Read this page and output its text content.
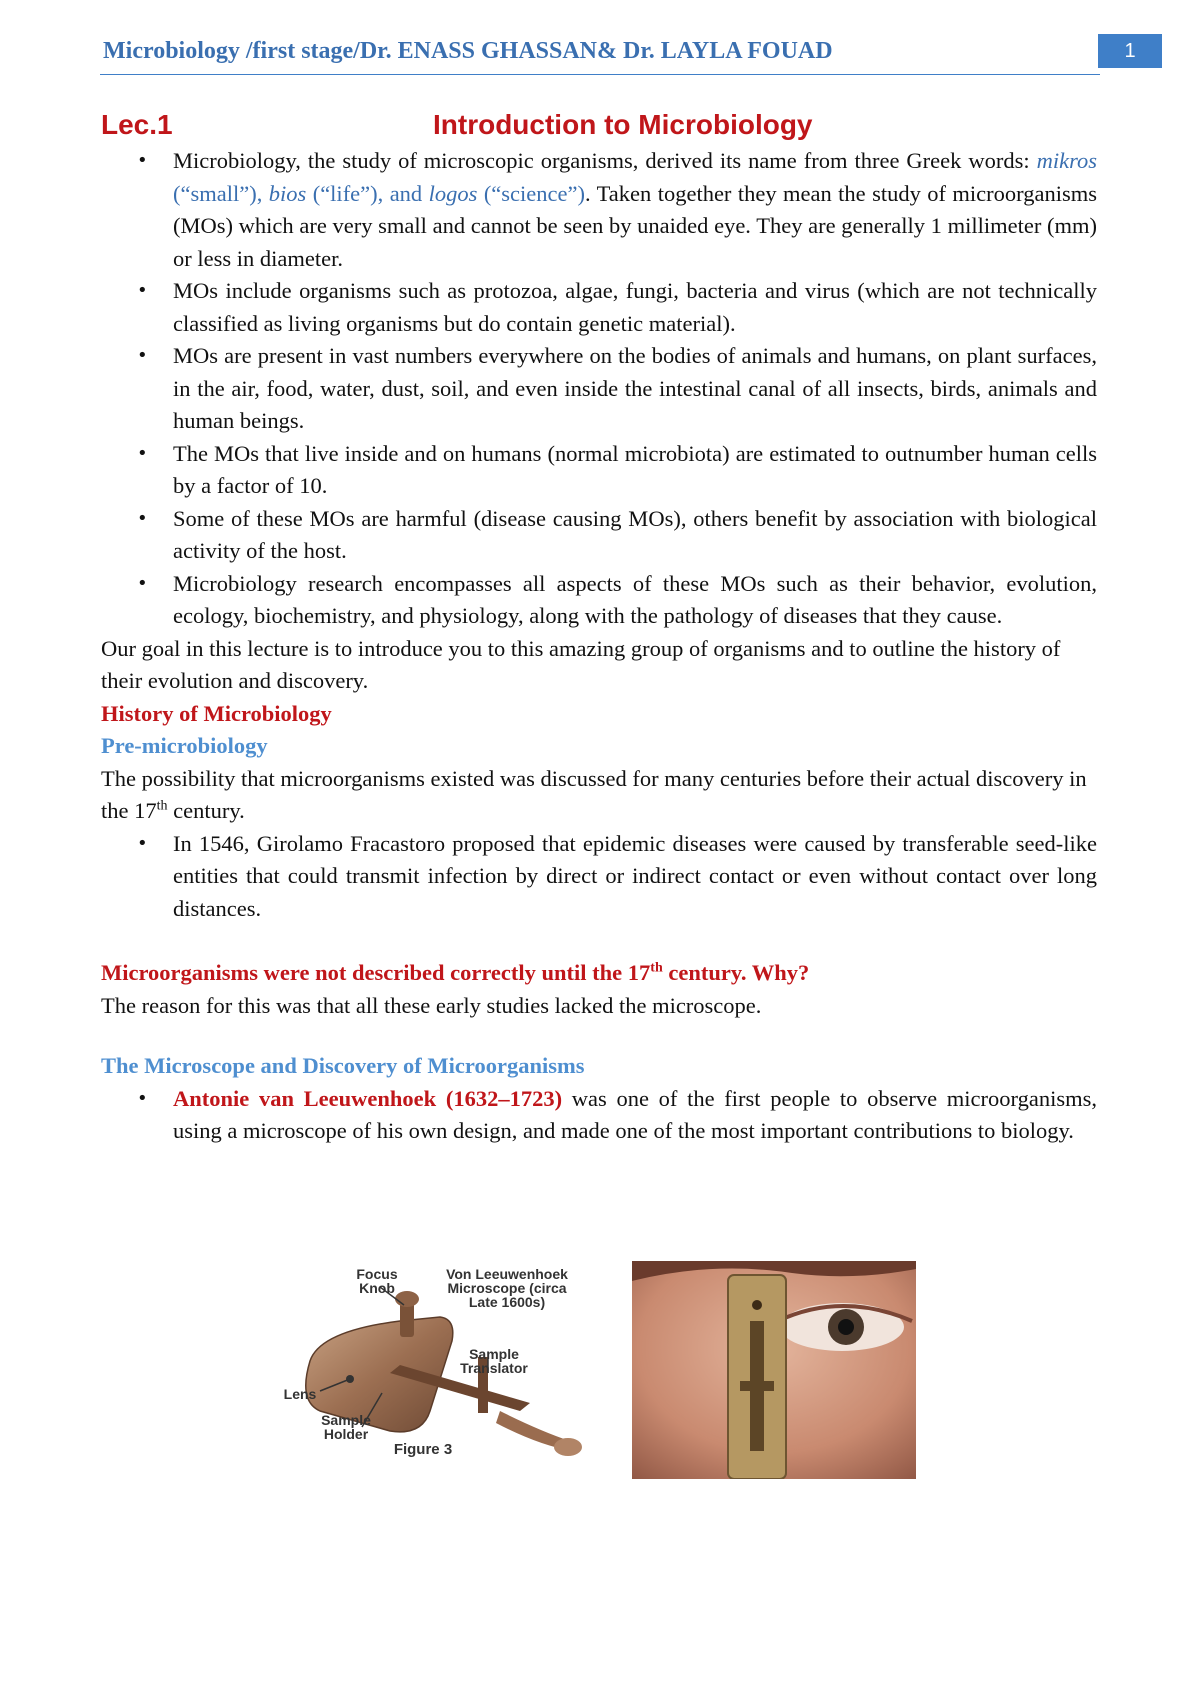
Microbiology /first stage/Dr. ENASS GHASSAN& Dr. LAYLA FOUAD	1
Lec.1	Introduction to Microbiology
• Microbiology, the study of microscopic organisms, derived its name from three Greek words: mikros (“small”), bios (“life”), and logos (“science”). Taken together they mean the study of microorganisms (MOs) which are very small and cannot be seen by unaided eye. They are generally 1 millimeter (mm) or less in diameter.
• MOs include organisms such as protozoa, algae, fungi, bacteria and virus (which are not technically classified as living organisms but do contain genetic material).
• MOs are present in vast numbers everywhere on the bodies of animals and humans, on plant surfaces, in the air, food, water, dust, soil, and even inside the intestinal canal of all insects, birds, animals and human beings.
• The MOs that live inside and on humans (normal microbiota) are estimated to outnumber human cells by a factor of 10.
• Some of these MOs are harmful (disease causing MOs), others benefit by association with biological activity of the host.
• Microbiology research encompasses all aspects of these MOs such as their behavior, evolution, ecology, biochemistry, and physiology, along with the pathology of diseases that they cause.

Our goal in this lecture is to introduce you to this amazing group of organisms and to outline the history of their evolution and discovery.

History of Microbiology

Pre-microbiology

The possibility that microorganisms existed was discussed for many centuries before their actual discovery in the 17th century.

• In 1546, Girolamo Fracastoro proposed that epidemic diseases were caused by transferable seed-like entities that could transmit infection by direct or indirect contact or even without contact over long distances.

Microorganisms were not described correctly until the 17th century. Why?

The reason for this was that all these early studies lacked the microscope.

The Microscope and Discovery of Microorganisms

• Antonie van Leeuwenhoek (1632–1723) was one of the first people to observe microorganisms, using a microscope of his own design, and made one of the most important contributions to biology.
Focus Knob
Von Leeuwenhoek Microscope (circa Late 1600s)
Sample Translator
Lens
Sample Holder
Figure 3
